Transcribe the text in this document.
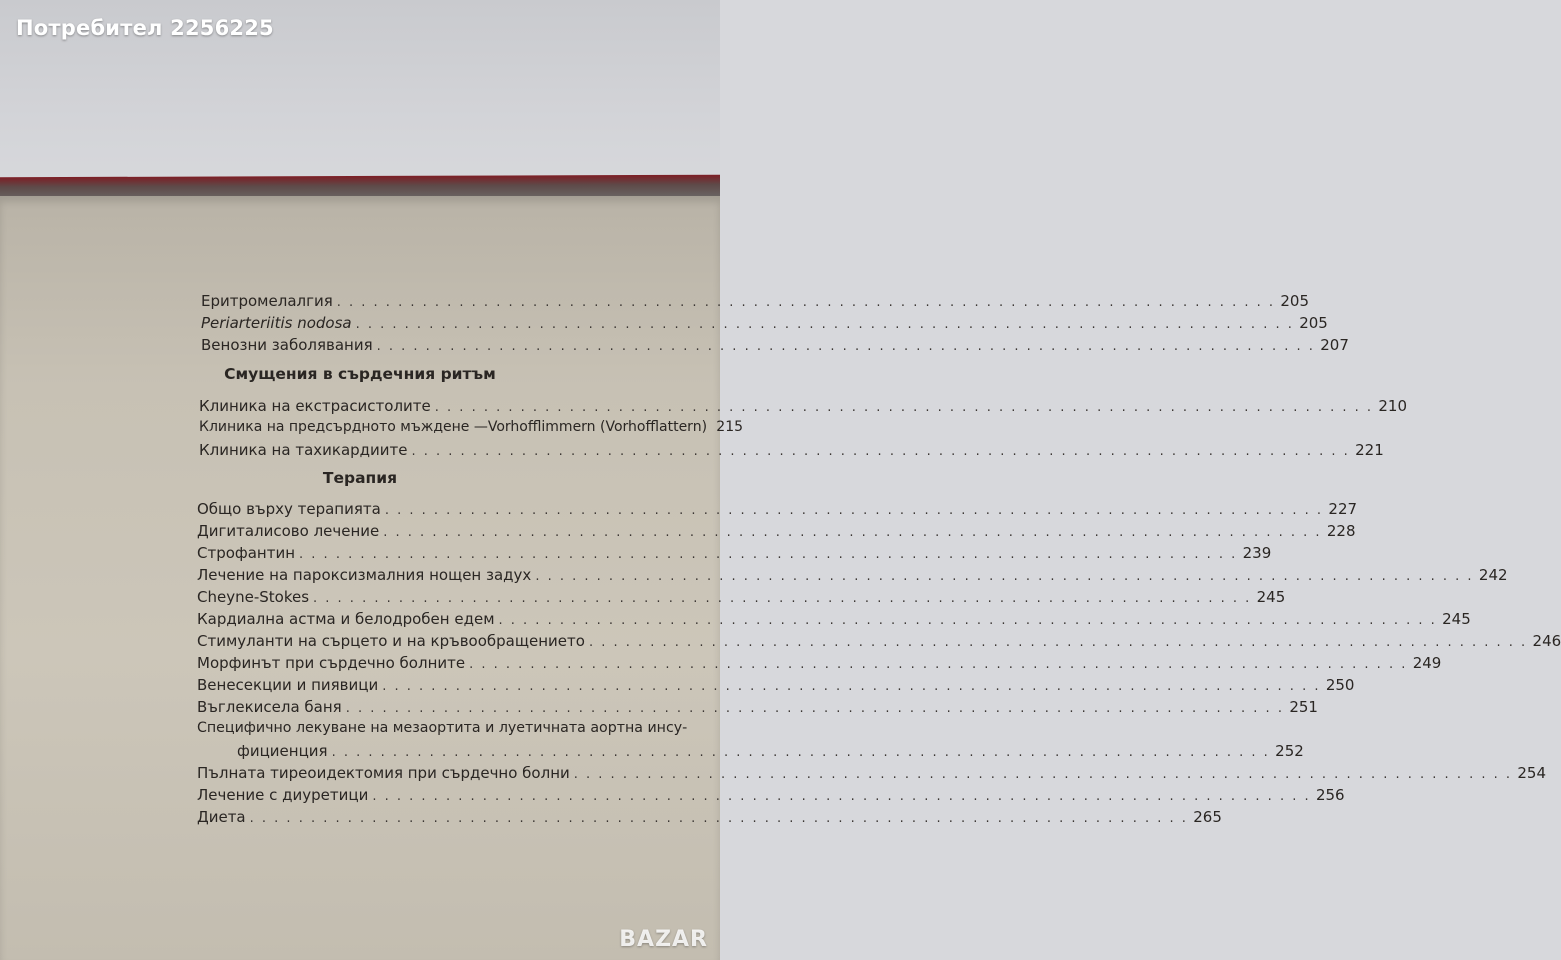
Еритромелалгия . . .	205
Periarteriitis nodosa . . .	205
Венозни заболявания . . .	207
Смущения в сърдечния ритъм
Клиника на екстрасистолите . . .	210
Клиника на предсърдното мъждене —Vorhofflimmern (Vorhofflattern) 215
Клиника на тахикардиите . . .	221
Терапия
Общо върху терапията . . .	227
Дигиталисово лечение . . .	228
Строфантин . . .	239
Лечение на пароксизмалния нощен задух . . .	242
Cheyne-Stokes . . .	245
Кардиална астма и белодробен едем . . .	245
Стимуланти на сърцето и на кръвообращението . . .	246
Морфинът при сърдечно болните . . .	249
Венесекции и пиявици . . .	250
Въглекисела баня . . .	251
Специфично лекуване на мезаортита и луетичната аортна инсу-
фициенция . . .	252
Пълната тиреоидектомия при сърдечно болни . . .	254
Лечение с диуретици . . .	256
Диета . . .	265
Потребител 2256225
BAZAR
